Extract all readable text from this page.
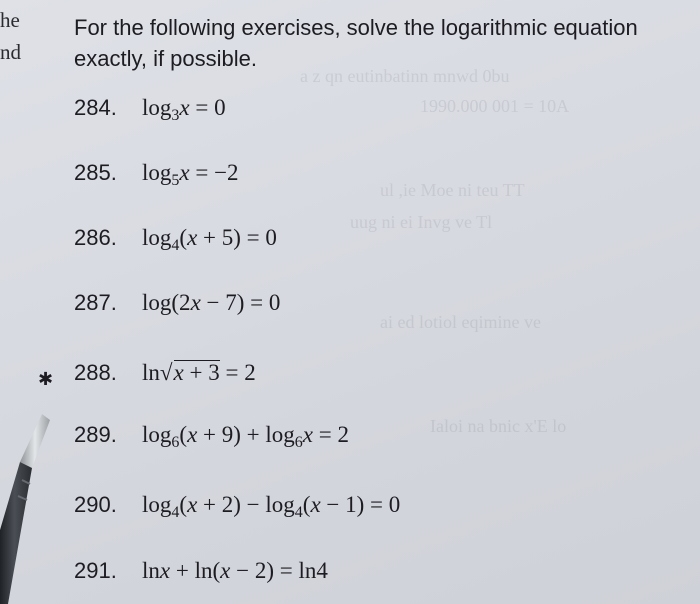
a z qn eutinbatinn mnwd 0bu
1990.000 001 = 10A
ul ,ie Moe ni teu TT
uug ni ei Invg ve Tl
ai ed lotiol eqimine ve
Ialoi na bnic x'E lo
he
nd
For the following exercises, solve the logarithmic equation
exactly, if possible.
284.	$\log_3x = 0$
285.	$\log_5x = -2$
286.	$\log_4(x + 5) = 0$
287.	log(2x − 7) = 0
✱ 288.	ln√x + 3 = 2
289.	$\log_6(x + 9) + \log_6x = 2$
290.	$\log_4(x + 2) - \log_4(x - 1) = 0$
291.	lnx + ln(x − 2) = ln4
